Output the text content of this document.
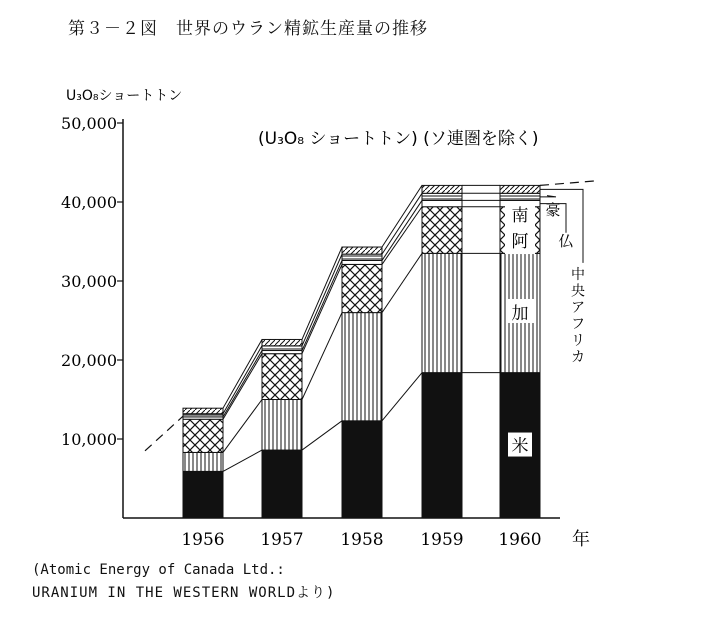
第３－２図　世界のウラン精鉱生産量の推移
10,000
20,000
30,000
40,000
50,000
1956 1957 1958 1959 1960
南
阿
加
米
豪
仏
中
央
ア
フ
リ
カ
U₃O₈ショートトン
(U₃O₈ ショートトン) (ソ連圏を除く)
年
(Atomic Energy of Canada Ltd.:
URANIUM IN THE WESTERN WORLDより)
